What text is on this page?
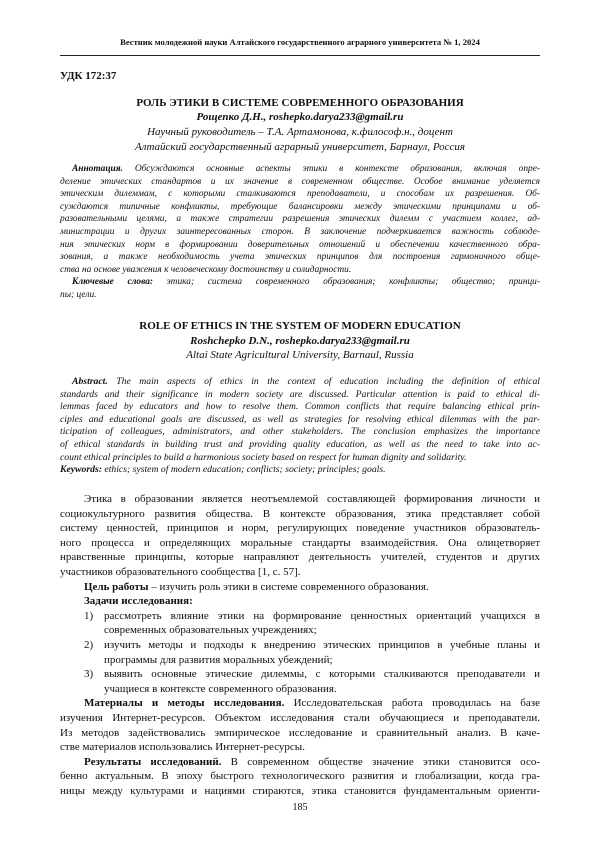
Вестник молодежной науки Алтайского государственного аграрного университета № 1, 2024
УДК 172:37
РОЛЬ ЭТИКИ В СИСТЕМЕ СОВРЕМЕННОГО ОБРАЗОВАНИЯ
Рощепко Д.Н., roshepko.darya233@gmail.ru
Научный руководитель – Т.А. Артамонова, к.философ.н., доцент
Алтайский государственный аграрный университет, Барнаул, Россия
Аннотация. Обсуждаются основные аспекты этики в контексте образования, включая опре-
деление этических стандартов и их значение в современном обществе. Особое внимание уделяется
этическим дилеммам, с которыми сталкиваются преподаватели, и способам их разрешения. Об-
суждаются типичные конфликты, требующие балансировки между этическими принципами и об-
разовательными целями, а также стратегии разрешения этических дилемм с участием коллег, ад-
министрации и других заинтересованных сторон. В заключение подчеркивается важность соблюде-
ния этических норм в формировании доверительных отношений и обеспечении качественного обра-
зования, а также необходимость учета этических принципов для построения гармоничного обще-
ства на основе уважения к человеческому достоинству и солидарности.
Ключевые слова: этика; система современного образования; конфликты; общество; принци-
пы; цели.
ROLE OF ETHICS IN THE SYSTEM OF MODERN EDUCATION
Roshchepko D.N., roshepko.darya233@gmail.ru
Altai State Agricultural University, Barnaul, Russia
Abstract. The main aspects of ethics in the context of education including the definition of ethical
standards and their significance in modern society are discussed. Particular attention is paid to ethical di-
lemmas faced by educators and how to resolve them. Common conflicts that require balancing ethical prin-
ciples and educational goals are discussed, as well as strategies for resolving ethical dilemmas with the par-
ticipation of colleagues, administrators, and other stakeholders. The conclusion emphasizes the importance
of ethical standards in building trust and providing quality education, as well as the need to take into ac-
count ethical principles to build a harmonious society based on respect for human dignity and solidarity.
Keywords: ethics; system of modern education; conflicts; society; principles; goals.
Этика в образовании является неотъемлемой составляющей формирования личности и
социокультурного развития общества. В контексте образования, этика представляет собой
систему ценностей, принципов и норм, регулирующих поведение участников образователь-
ного процесса и определяющих моральные стандарты взаимодействия. Она олицетворяет
нравственные принципы, которые направляют деятельность учителей, студентов и других
участников образовательного сообщества [1, с. 57].
Цель работы – изучить роль этики в системе современного образования.
Задачи исследования:
1) рассмотреть влияние этики на формирование ценностных ориентаций учащихся в
современных образовательных учреждениях;
2) изучить методы и подходы к внедрению этических принципов в учебные планы и
программы для развития моральных убеждений;
3) выявить основные этические дилеммы, с которыми сталкиваются преподаватели и
учащиеся в контексте современного образования.
Материалы и методы исследования. Исследовательская работа проводилась на базе
изучения Интернет-ресурсов. Объектом исследования стали обучающиеся и преподаватели.
Из методов задействовались эмпирическое исследование и сравнительный анализ. В каче-
стве материалов использовались Интернет-ресурсы.
Результаты исследований. В современном обществе значение этики становится осо-
бенно актуальным. В эпоху быстрого технологического развития и глобализации, когда гра-
ницы между культурами и нациями стираются, этика становится фундаментальным ориенти-
185
